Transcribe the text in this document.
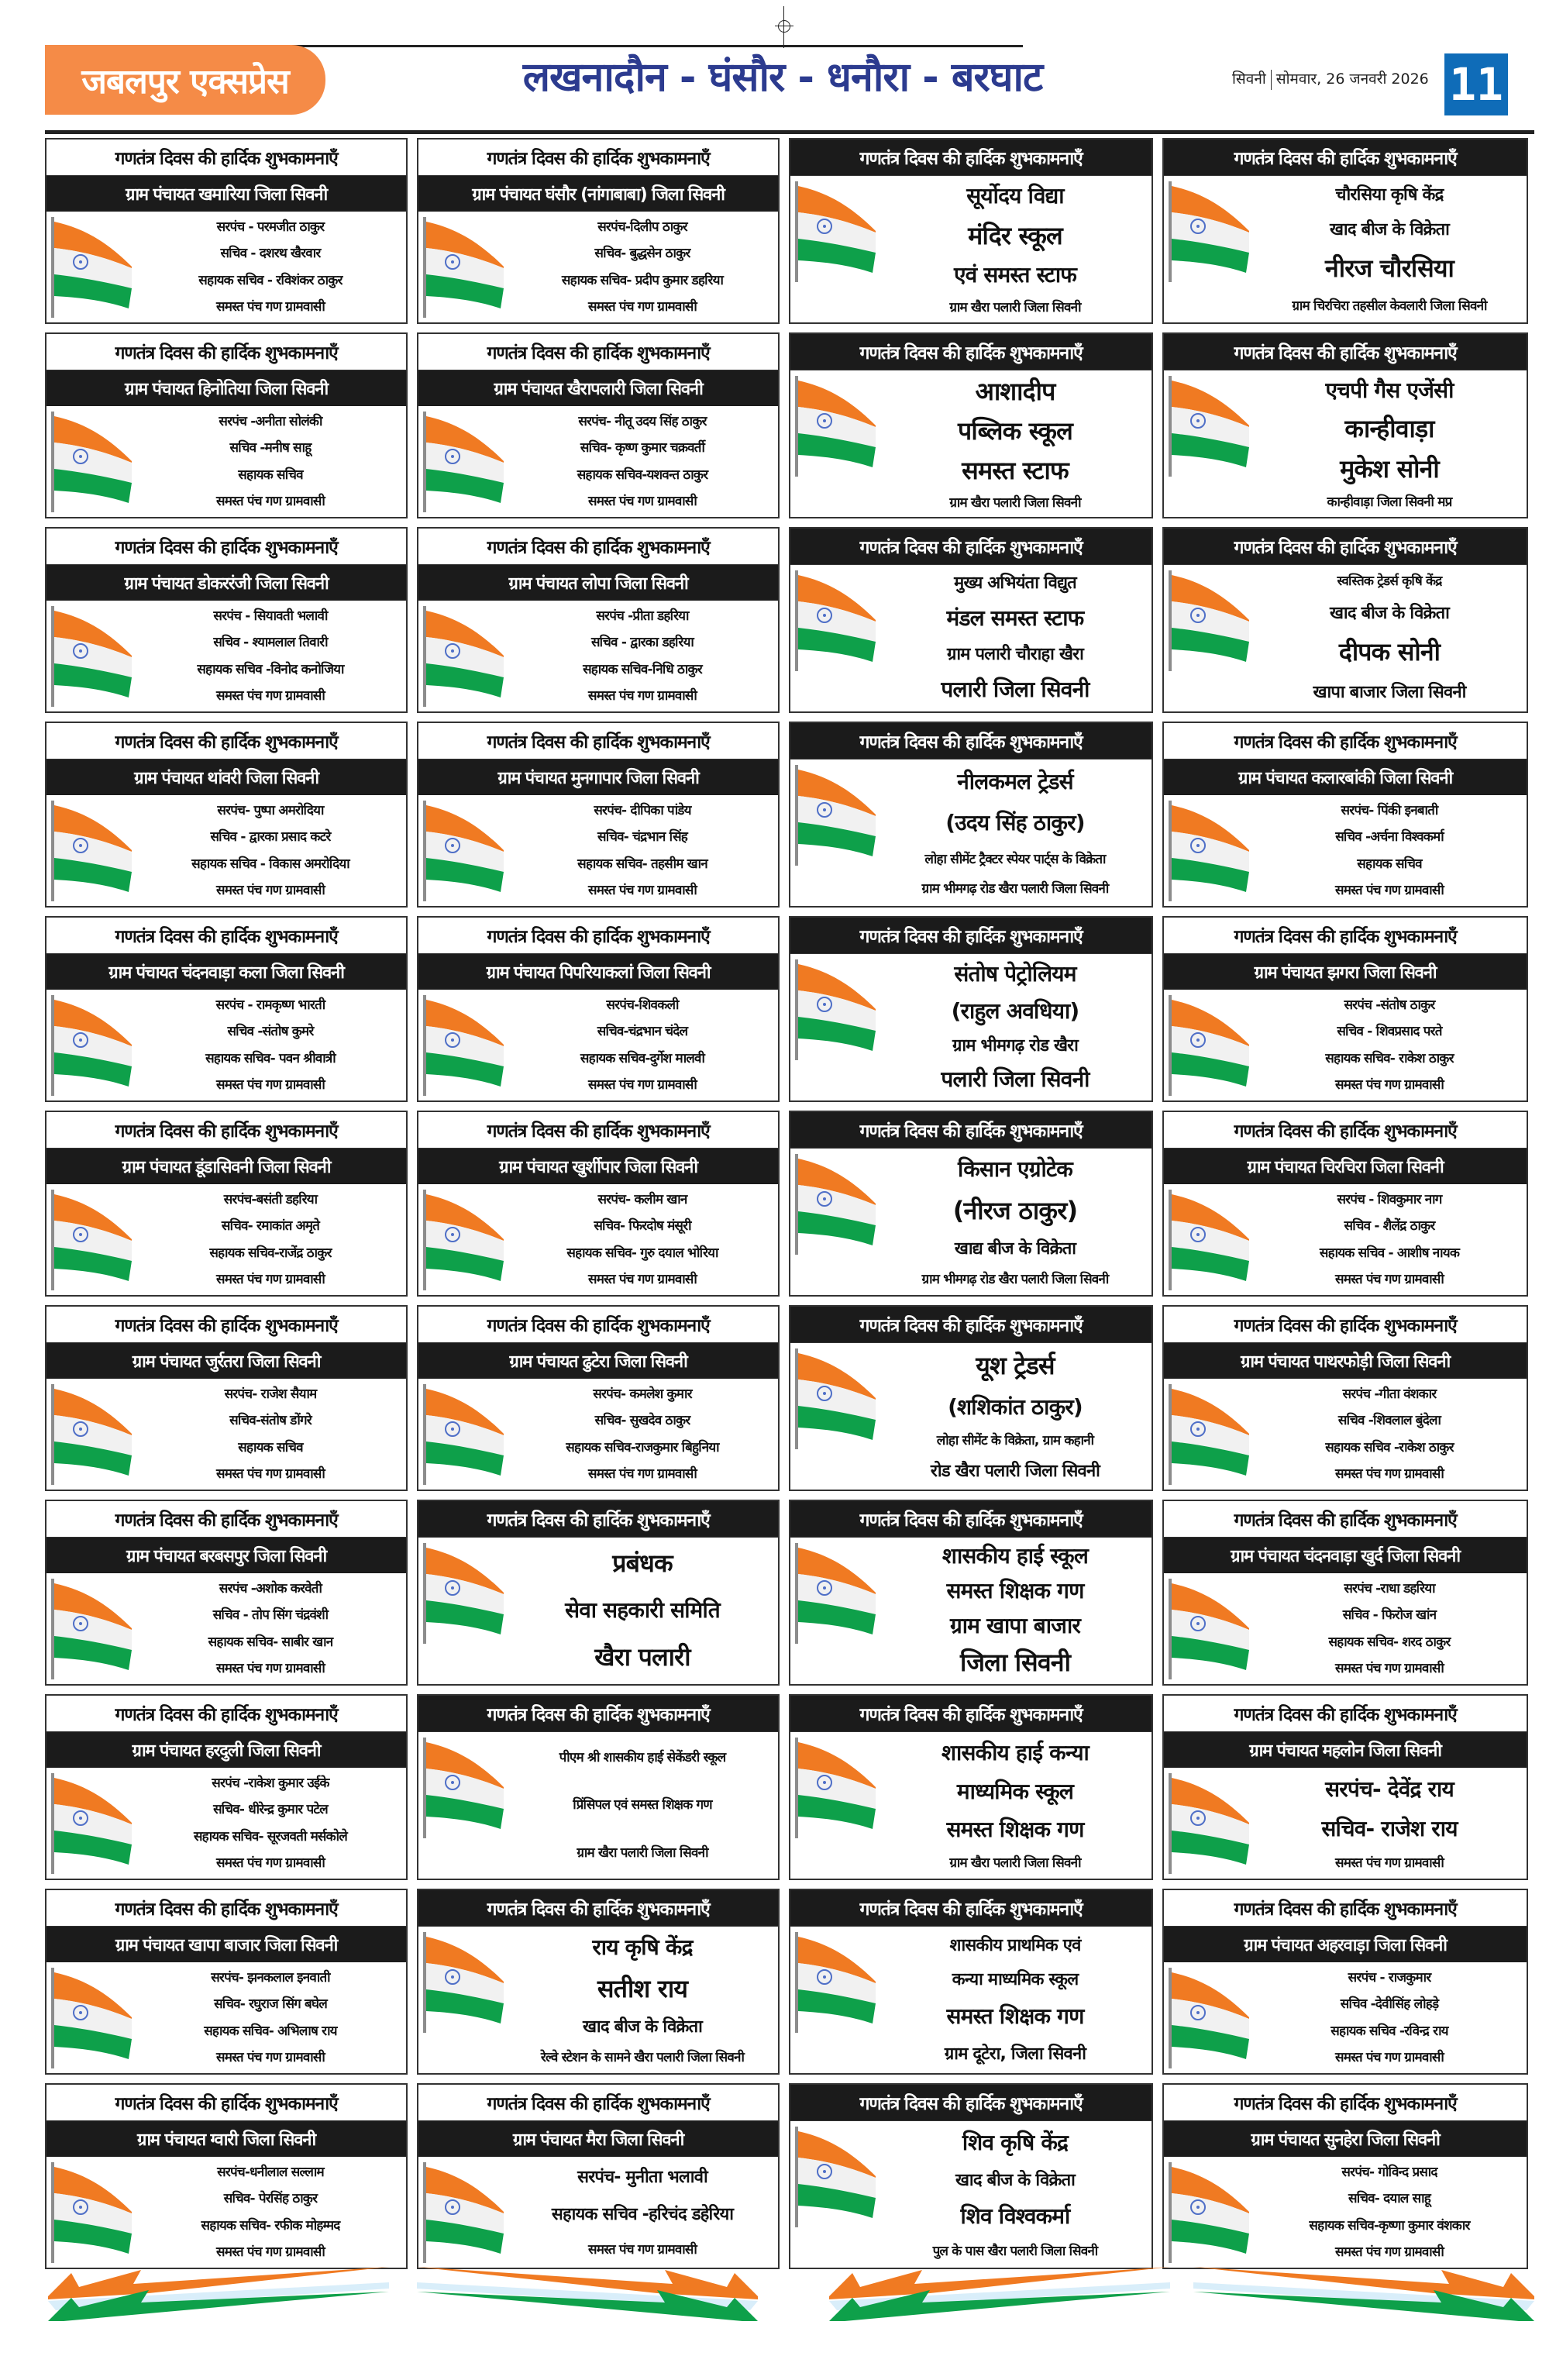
जबलपुर एक्सप्रेस	लखनादौन - घंसौर - धनौरा - बरघाट	सिवनी सोमवार, 26 जनवरी 2026 11
गणतंत्र दिवस की हार्दिक शुभकामनाएँ
ग्राम पंचायत खमारिया जिला सिवनी
सरपंच - परमजीत ठाकुर
सचिव - दशरथ खैरवार
सहायक सचिव - रविशंकर ठाकुर
समस्त पंच गण ग्रामवासी
गणतंत्र दिवस की हार्दिक शुभकामनाएँ
ग्राम पंचायत घंसौर (नांगाबाबा) जिला सिवनी
सरपंच-दिलीप ठाकुर
सचिव- बुद्धसेन ठाकुर
सहायक सचिव- प्रदीप कुमार डहरिया
समस्त पंच गण ग्रामवासी
गणतंत्र दिवस की हार्दिक शुभकामनाएँ
सूर्योदय विद्या
मंदिर स्कूल
एवं समस्त स्टाफ
ग्राम खैरा पलारी जिला सिवनी
गणतंत्र दिवस की हार्दिक शुभकामनाएँ
चौरसिया कृषि केंद्र
खाद बीज के विक्रेता
नीरज चौरसिया
ग्राम चिरचिरा तहसील केवलारी जिला सिवनी
गणतंत्र दिवस की हार्दिक शुभकामनाएँ
ग्राम पंचायत हिनोतिया जिला सिवनी
सरपंच -अनीता सोलंकी
सचिव -मनीष साहू
सहायक सचिव
समस्त पंच गण ग्रामवासी
गणतंत्र दिवस की हार्दिक शुभकामनाएँ
ग्राम पंचायत खैरापलारी जिला सिवनी
सरपंच- नीतू उदय सिंह ठाकुर
सचिव- कृष्ण कुमार चक्रवर्ती
सहायक सचिव-यशवन्त ठाकुर
समस्त पंच गण ग्रामवासी
गणतंत्र दिवस की हार्दिक शुभकामनाएँ
आशादीप
पब्लिक स्कूल
समस्त स्टाफ
ग्राम खैरा पलारी जिला सिवनी
गणतंत्र दिवस की हार्दिक शुभकामनाएँ
एचपी गैस एजेंसी
कान्हीवाड़ा
मुकेश सोनी
कान्हीवाड़ा जिला सिवनी मप्र
गणतंत्र दिवस की हार्दिक शुभकामनाएँ
ग्राम पंचायत डोकररंजी जिला सिवनी
सरपंच - सियावती भलावी
सचिव - श्यामलाल तिवारी
सहायक सचिव -विनोद कनोजिया
समस्त पंच गण ग्रामवासी
गणतंत्र दिवस की हार्दिक शुभकामनाएँ
ग्राम पंचायत लोपा जिला सिवनी
सरपंच -प्रीता डहरिया
सचिव - द्वारका डहरिया
सहायक सचिव-निधि ठाकुर
समस्त पंच गण ग्रामवासी
गणतंत्र दिवस की हार्दिक शुभकामनाएँ
मुख्य अभियंता विद्युत
मंडल समस्त स्टाफ
ग्राम पलारी चौराहा खैरा
पलारी जिला सिवनी
गणतंत्र दिवस की हार्दिक शुभकामनाएँ
स्वस्तिक ट्रेडर्स कृषि केंद्र
खाद बीज के विक्रेता
दीपक सोनी
खापा बाजार जिला सिवनी
गणतंत्र दिवस की हार्दिक शुभकामनाएँ
ग्राम पंचायत थांवरी जिला सिवनी
सरपंच- पुष्पा अमरोदिया
सचिव - द्वारका प्रसाद कटरे
सहायक सचिव - विकास अमरोदिया
समस्त पंच गण ग्रामवासी
गणतंत्र दिवस की हार्दिक शुभकामनाएँ
ग्राम पंचायत मुनगापार जिला सिवनी
सरपंच- दीपिका पांडेय
सचिव- चंद्रभान सिंह
सहायक सचिव- तहसीम खान
समस्त पंच गण ग्रामवासी
गणतंत्र दिवस की हार्दिक शुभकामनाएँ
नीलकमल ट्रेडर्स
(उदय सिंह ठाकुर)
लोहा सीमेंट ट्रैक्टर स्पेयर पार्ट्स के विक्रेता
ग्राम भीमगढ़ रोड खैरा पलारी जिला सिवनी
गणतंत्र दिवस की हार्दिक शुभकामनाएँ
ग्राम पंचायत कलारबांकी जिला सिवनी
सरपंच- पिंकी इनबाती
सचिव -अर्चना विश्वकर्मा
सहायक सचिव
समस्त पंच गण ग्रामवासी
गणतंत्र दिवस की हार्दिक शुभकामनाएँ
ग्राम पंचायत चंदनवाड़ा कला जिला सिवनी
सरपंच - रामकृष्ण भारती
सचिव -संतोष कुमरे
सहायक सचिव- पवन श्रीवात्री
समस्त पंच गण ग्रामवासी
गणतंत्र दिवस की हार्दिक शुभकामनाएँ
ग्राम पंचायत पिपरियाकलां जिला सिवनी
सरपंच-शिवकली
सचिव-चंद्रभान चंदेल
सहायक सचिव-दुर्गेश मालवी
समस्त पंच गण ग्रामवासी
गणतंत्र दिवस की हार्दिक शुभकामनाएँ
संतोष पेट्रोलियम
(राहुल अवधिया)
ग्राम भीमगढ़ रोड खैरा
पलारी जिला सिवनी
गणतंत्र दिवस की हार्दिक शुभकामनाएँ
ग्राम पंचायत झगरा जिला सिवनी
सरपंच -संतोष ठाकुर
सचिव - शिवप्रसाद परते
सहायक सचिव- राकेश ठाकुर
समस्त पंच गण ग्रामवासी
गणतंत्र दिवस की हार्दिक शुभकामनाएँ
ग्राम पंचायत डूंडासिवनी जिला सिवनी
सरपंच-बसंती डहरिया
सचिव- रमाकांत अमृते
सहायक सचिव-राजेंद्र ठाकुर
समस्त पंच गण ग्रामवासी
गणतंत्र दिवस की हार्दिक शुभकामनाएँ
ग्राम पंचायत खुर्शीपार जिला सिवनी
सरपंच- कलीम खान
सचिव- फिरदोष मंसूरी
सहायक सचिव- गुरु दयाल भोरिया
समस्त पंच गण ग्रामवासी
गणतंत्र दिवस की हार्दिक शुभकामनाएँ
किसान एग्रोटेक
(नीरज ठाकुर)
खाद्य बीज के विक्रेता
ग्राम भीमगढ़ रोड खैरा पलारी जिला सिवनी
गणतंत्र दिवस की हार्दिक शुभकामनाएँ
ग्राम पंचायत चिरचिरा जिला सिवनी
सरपंच - शिवकुमार नाग
सचिव - शैलेंद्र ठाकुर
सहायक सचिव - आशीष नायक
समस्त पंच गण ग्रामवासी
गणतंत्र दिवस की हार्दिक शुभकामनाएँ
ग्राम पंचायत जुर्रतरा जिला सिवनी
सरपंच- राजेश सैयाम
सचिव-संतोष डोंगरे
सहायक सचिव
समस्त पंच गण ग्रामवासी
गणतंत्र दिवस की हार्दिक शुभकामनाएँ
ग्राम पंचायत ढुटेरा जिला सिवनी
सरपंच- कमलेश कुमार
सचिव- सुखदेव ठाकुर
सहायक सचिव-राजकुमार बिहुनिया
समस्त पंच गण ग्रामवासी
गणतंत्र दिवस की हार्दिक शुभकामनाएँ
यूश ट्रेडर्स
(शशिकांत ठाकुर)
लोहा सीमेंट के विक्रेता, ग्राम कहानी
रोड खैरा पलारी जिला सिवनी
गणतंत्र दिवस की हार्दिक शुभकामनाएँ
ग्राम पंचायत पाथरफोड़ी जिला सिवनी
सरपंच -गीता वंशकार
सचिव -शिवलाल बुंदेला
सहायक सचिव -राकेश ठाकुर
समस्त पंच गण ग्रामवासी
गणतंत्र दिवस की हार्दिक शुभकामनाएँ
ग्राम पंचायत बरबसपुर जिला सिवनी
सरपंच -अशोक करवेती
सचिव - तोप सिंग चंद्रवंशी
सहायक सचिव- साबीर खान
समस्त पंच गण ग्रामवासी
गणतंत्र दिवस की हार्दिक शुभकामनाएँ
प्रबंधक
सेवा सहकारी समिति
खैरा पलारी
गणतंत्र दिवस की हार्दिक शुभकामनाएँ
शासकीय हाई स्कूल
समस्त शिक्षक गण
ग्राम खापा बाजार
जिला सिवनी
गणतंत्र दिवस की हार्दिक शुभकामनाएँ
ग्राम पंचायत चंदनवाड़ा खुर्द जिला सिवनी
सरपंच -राधा डहरिया
सचिव - फिरोज खांन
सहायक सचिव- शरद ठाकुर
समस्त पंच गण ग्रामवासी
गणतंत्र दिवस की हार्दिक शुभकामनाएँ
ग्राम पंचायत हरदुली जिला सिवनी
सरपंच -राकेश कुमार उईके
सचिव- धीरेन्द्र कुमार पटेल
सहायक सचिव- सूरजवती मर्सकोले
समस्त पंच गण ग्रामवासी
गणतंत्र दिवस की हार्दिक शुभकामनाएँ
पीएम श्री शासकीय हाई सेकेंडरी स्कूल
प्रिंसिपल एवं समस्त शिक्षक गण
ग्राम खैरा पलारी जिला सिवनी
गणतंत्र दिवस की हार्दिक शुभकामनाएँ
शासकीय हाई कन्या
माध्यमिक स्कूल
समस्त शिक्षक गण
ग्राम खैरा पलारी जिला सिवनी
गणतंत्र दिवस की हार्दिक शुभकामनाएँ
ग्राम पंचायत महलोन जिला सिवनी
सरपंच- देवेंद्र राय
सचिव- राजेश राय
समस्त पंच गण ग्रामवासी
गणतंत्र दिवस की हार्दिक शुभकामनाएँ
ग्राम पंचायत खापा बाजार जिला सिवनी
सरपंच- झनकलाल इनवाती
सचिव- रघुराज सिंग बघेल
सहायक सचिव- अभिलाष राय
समस्त पंच गण ग्रामवासी
गणतंत्र दिवस की हार्दिक शुभकामनाएँ
राय कृषि केंद्र
सतीश राय
खाद बीज के विक्रेता
रेल्वे स्टेशन के सामने खैरा पलारी जिला सिवनी
गणतंत्र दिवस की हार्दिक शुभकामनाएँ
शासकीय प्राथमिक एवं
कन्या माध्यमिक स्कूल
समस्त शिक्षक गण
ग्राम दूटेरा, जिला सिवनी
गणतंत्र दिवस की हार्दिक शुभकामनाएँ
ग्राम पंचायत अहरवाड़ा जिला सिवनी
सरपंच - राजकुमार
सचिव -देवीसिंह लोहड़े
सहायक सचिव -रविन्द्र राय
समस्त पंच गण ग्रामवासी
गणतंत्र दिवस की हार्दिक शुभकामनाएँ
ग्राम पंचायत ग्वारी जिला सिवनी
सरपंच-धनीलाल सल्लाम
सचिव- पेरसिंह ठाकुर
सहायक सचिव- रफीक मोहम्मद
समस्त पंच गण ग्रामवासी
गणतंत्र दिवस की हार्दिक शुभकामनाएँ
ग्राम पंचायत मैरा जिला सिवनी
सरपंच- मुनीता भलावी
सहायक सचिव -हरिचंद डहेरिया
समस्त पंच गण ग्रामवासी
गणतंत्र दिवस की हार्दिक शुभकामनाएँ
शिव कृषि केंद्र
खाद बीज के विक्रेता
शिव विश्वकर्मा
पुल के पास खैरा पलारी जिला सिवनी
गणतंत्र दिवस की हार्दिक शुभकामनाएँ
ग्राम पंचायत सुनहेरा जिला सिवनी
सरपंच- गोविन्द प्रसाद
सचिव- दयाल साहू
सहायक सचिव-कृष्णा कुमार वंशकार
समस्त पंच गण ग्रामवासी
